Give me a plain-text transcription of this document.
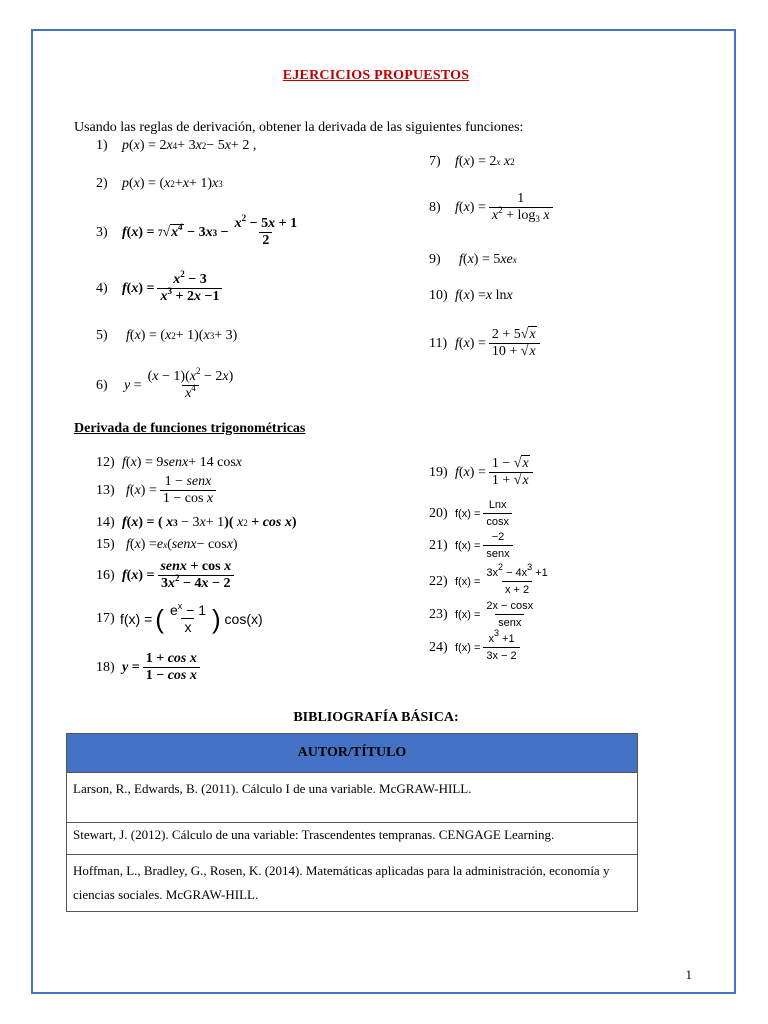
EJERCICIOS PROPUESTOS
Usando las reglas de derivación, obtener la derivada de las siguientes funciones:
1)	p ( x ) = 2 x 4 + 3 x 2 − 5 x + 2 ,
2)	p ( x ) = ( x 2 + x + 1) x 3
3)	f ( x ) =
7 √ $x^4 - 3$ x $3 - \frac{x^2 - 5x + 1}{2}$
4)	f ( x ) = $\frac{x^2 - 3}{x^3 + 2x -1}$
5)	f ( x ) = ( x 2 + 1)( x 3 + 3)
6)	$y = \frac{(x - 1)(x^2 - 2x)}{x^4}$
7)	f ( x ) = 2 x
x 2
8)	f ( x ) = $\frac{1}{x^2 + \log_3 x}$
9)	f ( x ) = 5 xe x
10) f ( x ) = x ln x
11) f ( x ) = $\frac{2 + 5√x}{10 + √x}$
Derivada de funciones trigonométricas
12) f ( x ) = 9 senx + 14 cos x
13) f ( x ) = $\frac{\text{1 − senx}}{\text{1 − cos x}}$
14) f ( x ) = (
x 3 − 3 x + 1 )(
x 2
+
cos x )
15) f ( x ) = e x ( senx − cos x )
16) f ( x ) = $\frac{\text{senx + cos x}}{3x^2 - 4x - 2}$
17) f(x) = ( $\frac{e^x - 1}{x}$ ) cos(x)
18) $y = \frac{\text{1 + cos x}}{\text{1 − cos x}}$
19) f ( x ) = $\frac{1 - √x}{1 + √x}$
20) $f(x) = \frac{\text{Lnx}}{\cos x}$
21) $f(x) = \frac{-2}{\text{senx}}$
22) $f(x) = \frac{3x^2 - 4x^3 +1}{x + 2}$
23) $f(x) = \frac{2x - \cos x}{\text{senx}}$
24) $f(x) = \frac{x^3 +1}{3x - 2}$
BIBLIOGRAFÍA BÁSICA:
AUTOR/TÍTULO
Larson, R., Edwards, B. (2011). Cálculo I de una variable. McGRAW-HILL.
Stewart, J. (2012). Cálculo de una variable: Trascendentes tempranas. CENGAGE Learning.
Hoffman, L., Bradley, G., Rosen, K. (2014). Matemáticas aplicadas para la administración, economía y ciencias sociales. McGRAW-HILL.
1
